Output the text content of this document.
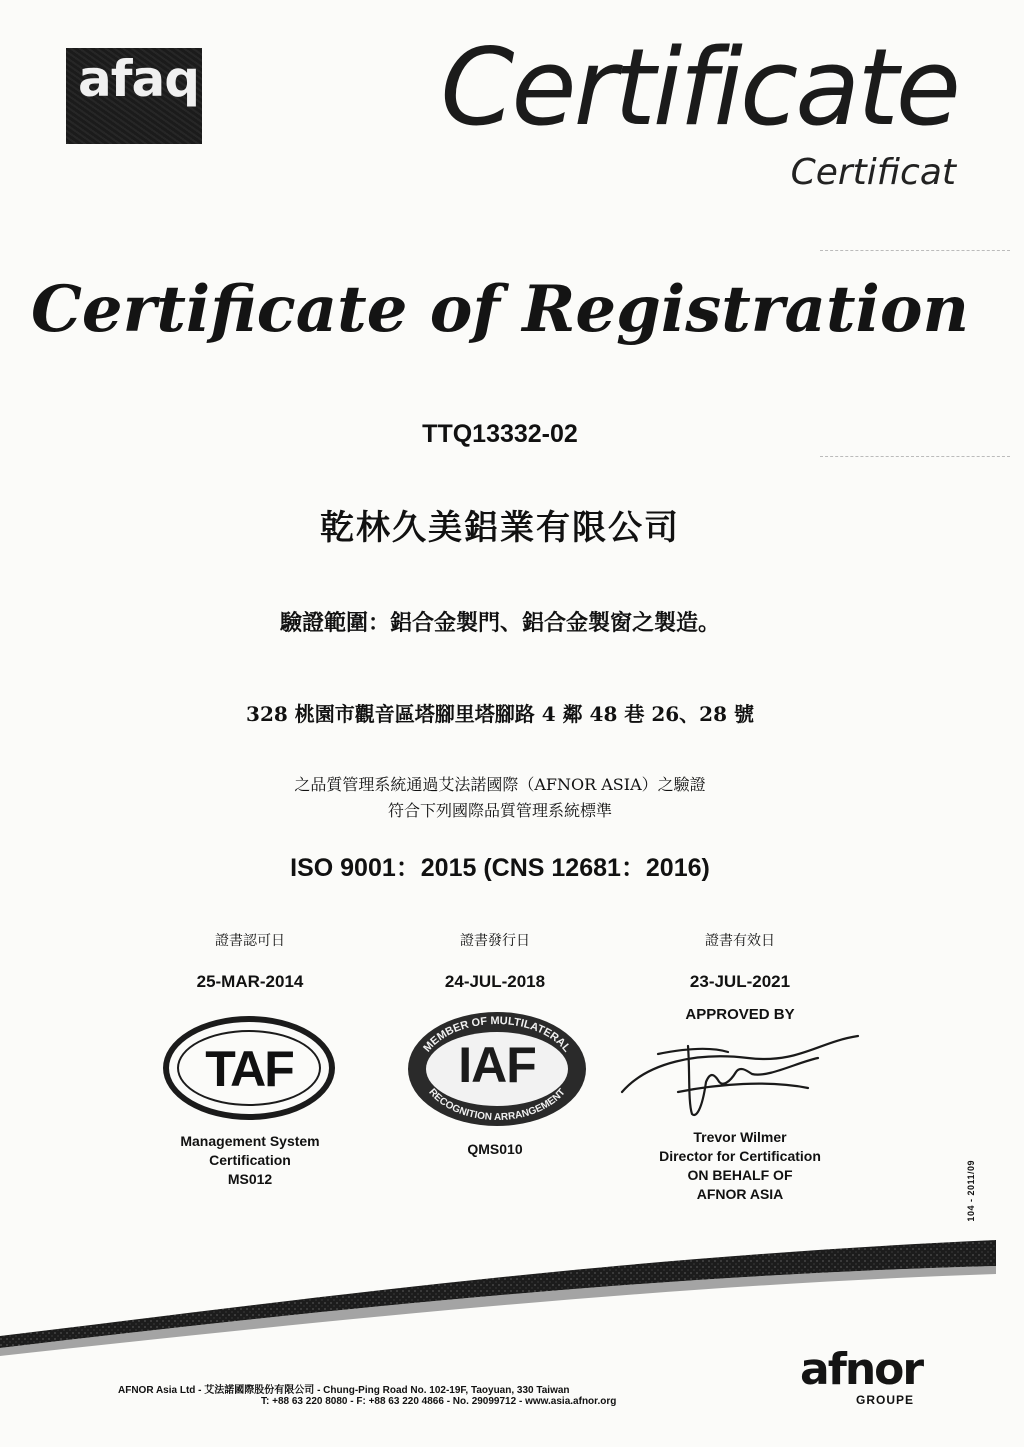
afaq Certificate
Certificat
Certificate of Registration
TTQ13332-02
乾林久美鋁業有限公司
驗證範圍：鋁合金製門、鋁合金製窗之製造。
328 桃園市觀音區塔腳里塔腳路 4 鄰 48 巷 26、28 號
之品質管理系統通過艾法諾國際（AFNOR ASIA）之驗證
符合下列國際品質管理系統標準
ISO 9001：2015 (CNS 12681：2016)
證書認可日
25-MAR-2014
證書發行日
24-JUL-2018
證書有效日
23-JUL-2021
APPROVED BY
TAF	MEMBER OF MULTILATERAL
RECOGNITION ARRANGEMENT
IAF
Management System
Certification
MS012
QMS010
Trevor Wilmer
Director for Certification
ON BEHALF OF
AFNOR ASIA	104 - 2011/09
AFNOR Asia Ltd - 艾法諾國際股份有限公司 - Chung-Ping Road No. 102-19F, Taoyuan, 330 Taiwan
T: +88 63 220 8080 - F: +88 63 220 4866 - No. 29099712 - www.asia.afnor.org
afnor
GROUPE
